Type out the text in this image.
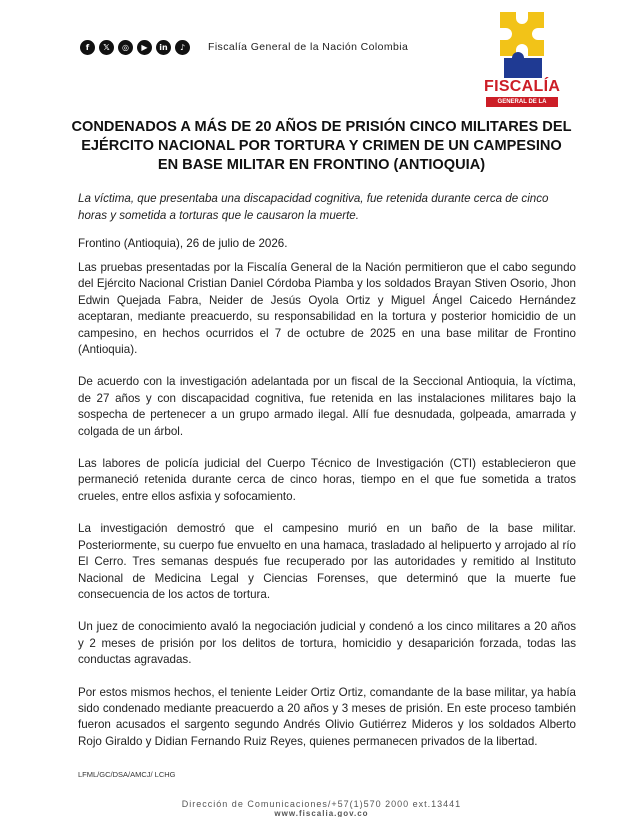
f	𝕏	◎	▶	in	♪	Fiscalía General de la Nación Colombia
FISCALÍA
GENERAL DE LA NACIÓN
CONDENADOS A MÁS DE 20 AÑOS DE PRISIÓN CINCO MILITARES DEL EJÉRCITO NACIONAL POR TORTURA Y CRIMEN DE UN CAMPESINO EN BASE MILITAR EN FRONTINO (ANTIOQUIA)

La víctima, que presentaba una discapacidad cognitiva, fue retenida durante cerca de cinco horas y sometida a torturas que le causaron la muerte.

Frontino (Antioquia), 26 de julio de 2026.

Las pruebas presentadas por la Fiscalía General de la Nación permitieron que el cabo segundo del Ejército Nacional Cristian Daniel Córdoba Piamba y los soldados Brayan Stiven Osorio, Jhon Edwin Quejada Fabra, Neider de Jesús Oyola Ortiz y Miguel Ángel Caicedo Hernández aceptaran, mediante preacuerdo, su responsabilidad en la tortura y posterior homicidio de un campesino, en hechos ocurridos el 7 de octubre de 2025 en una base militar de Frontino (Antioquia).

De acuerdo con la investigación adelantada por un fiscal de la Seccional Antioquia, la víctima, de 27 años y con discapacidad cognitiva, fue retenida en las instalaciones militares bajo la sospecha de pertenecer a un grupo armado ilegal. Allí fue desnudada, golpeada, amarrada y colgada de un árbol.

Las labores de policía judicial del Cuerpo Técnico de Investigación (CTI) establecieron que permaneció retenida durante cerca de cinco horas, tiempo en el que fue sometida a tratos crueles, entre ellos asfixia y sofocamiento.

La investigación demostró que el campesino murió en un baño de la base militar. Posteriormente, su cuerpo fue envuelto en una hamaca, trasladado al helipuerto y arrojado al río El Cerro. Tres semanas después fue recuperado por las autoridades y remitido al Instituto Nacional de Medicina Legal y Ciencias Forenses, que determinó que la muerte fue consecuencia de los actos de tortura.

Un juez de conocimiento avaló la negociación judicial y condenó a los cinco militares a 20 años y 2 meses de prisión por los delitos de tortura, homicidio y desaparición forzada, todas las conductas agravadas.

Por estos mismos hechos, el teniente Leider Ortiz Ortiz, comandante de la base militar, ya había sido condenado mediante preacuerdo a 20 años y 3 meses de prisión. En este proceso también fueron acusados el sargento segundo Andrés Olivio Gutiérrez Mideros y los soldados Alberto Rojo Giraldo y Didian Fernando Ruiz Reyes, quienes permanecen privados de la libertad.

LFML/GC/DSA/AMCJ/ LCHG
Dirección de Comunicaciones/+57(1)570 2000 ext.13441
www.fiscalia.gov.co
